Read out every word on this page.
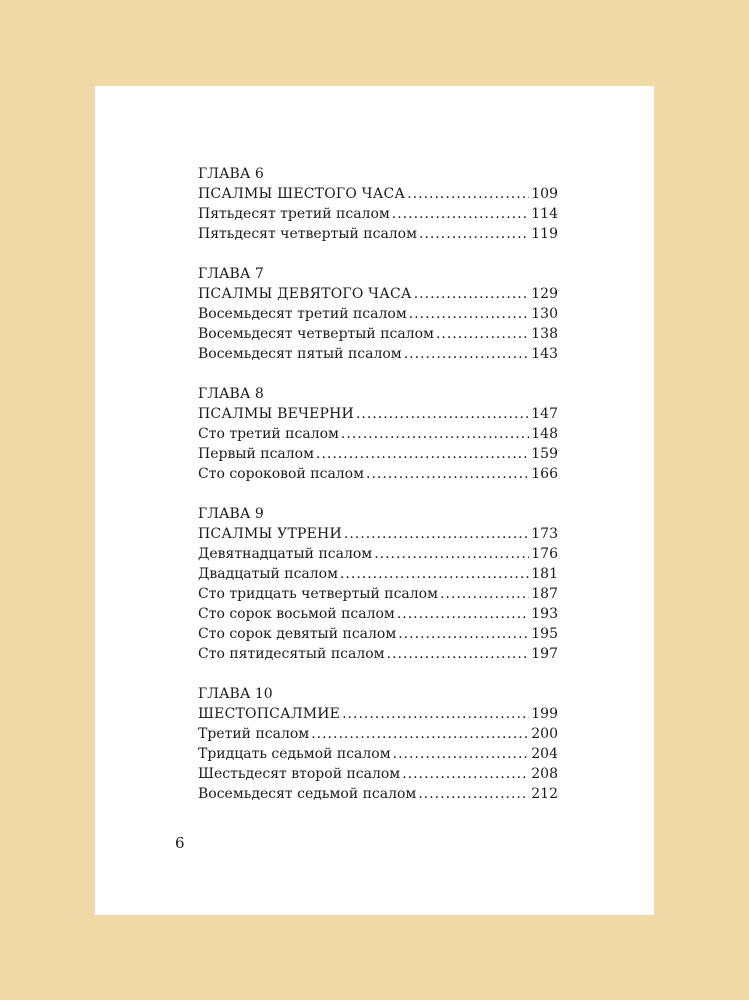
ГЛАВА 6
ПСАЛМЫ ШЕСТОГО ЧАСА .....	109
Пятьдесят третий псалом .....	114
Пятьдесят четвертый псалом .....	119
ГЛАВА 7
ПСАЛМЫ ДЕВЯТОГО ЧАСА .....	129
Восемьдесят третий псалом .....	130
Восемьдесят четвертый псалом .....	138
Восемьдесят пятый псалом .....	143
ГЛАВА 8
ПСАЛМЫ ВЕЧЕРНИ .....	147
Сто третий псалом .....	148
Первый псалом .....	159
Сто сороковой псалом .....	166
ГЛАВА 9
ПСАЛМЫ УТРЕНИ .....	173
Девятнадцатый псалом .....	176
Двадцатый псалом .....	181
Сто тридцать четвертый псалом .....	187
Сто сорок восьмой псалом .....	193
Сто сорок девятый псалом .....	195
Сто пятидесятый псалом .....	197
ГЛАВА 10
ШЕСТОПСАЛМИЕ .....	199
Третий псалом .....	200
Тридцать седьмой псалом .....	204
Шестьдесят второй псалом .....	208
Восемьдесят седьмой псалом .....	212
6
